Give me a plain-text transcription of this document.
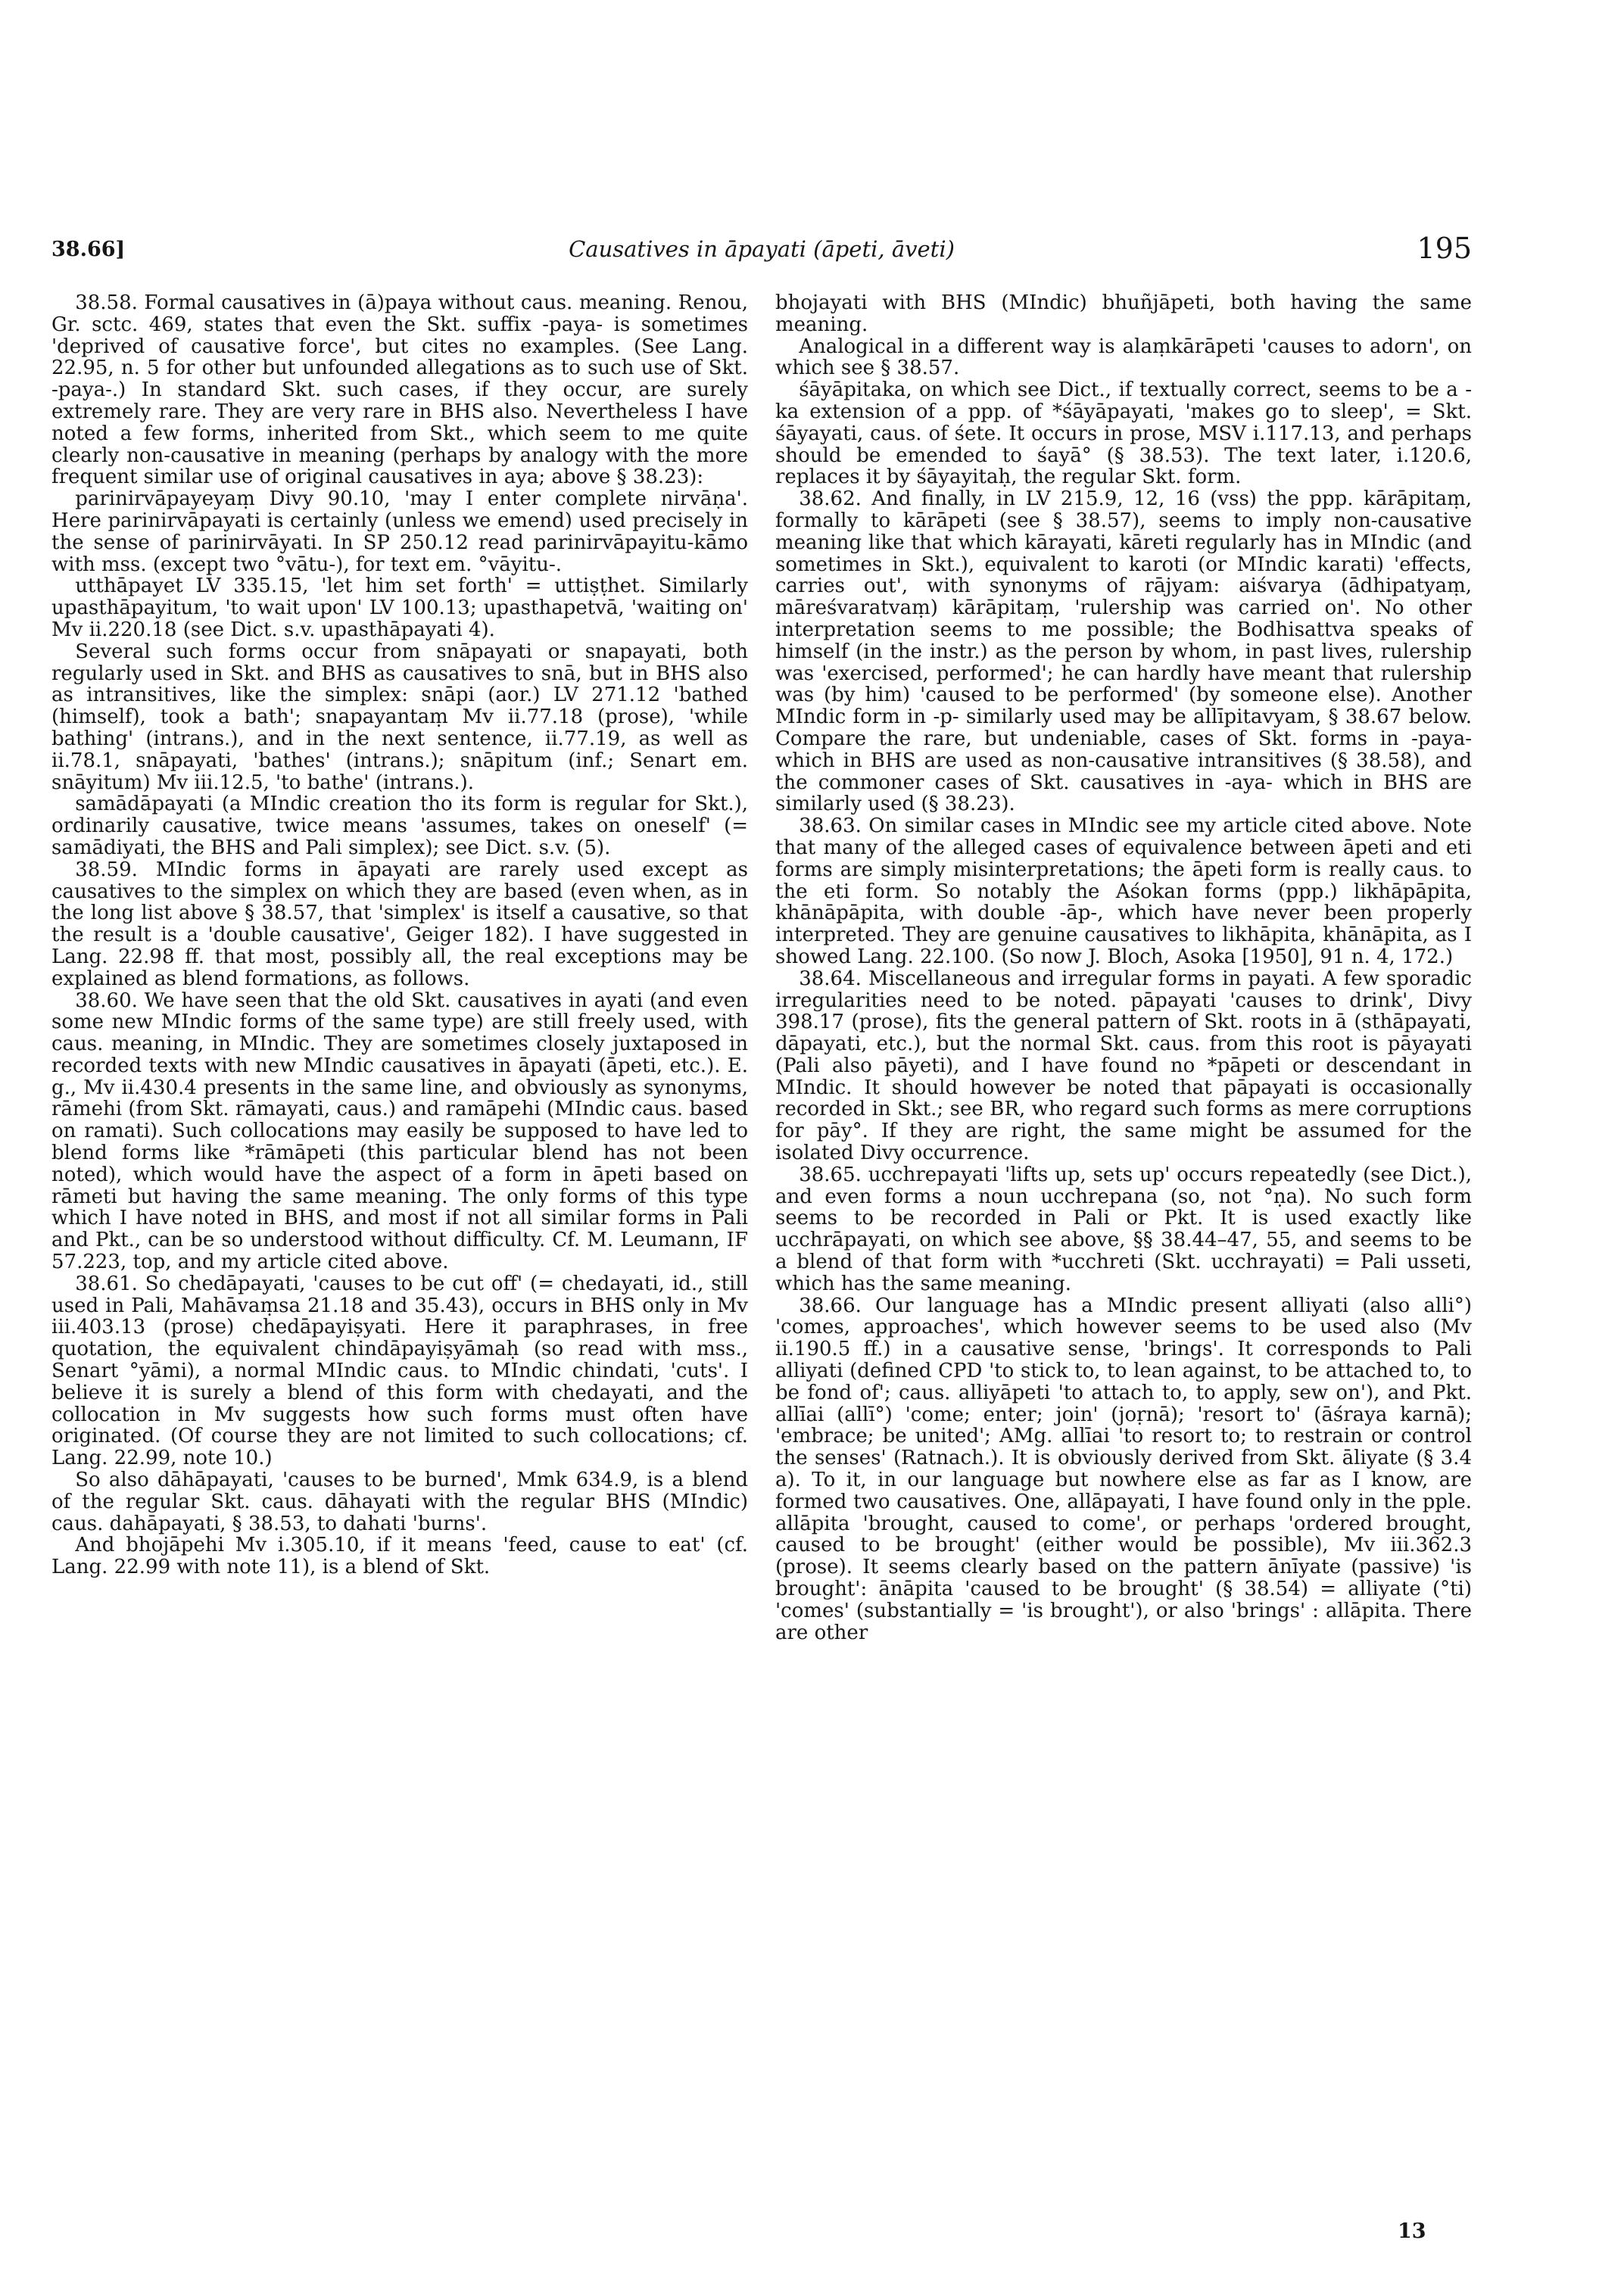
38.66]	Causatives in āpayati (āpeti, āveti)	195

38.58. Formal causatives in (ā)paya without caus. meaning. Renou, Gr. sctc. 469, states that even the Skt. suffix -paya- is sometimes 'deprived of causative force', but cites no examples. (See Lang. 22.95, n. 5 for other but unfounded allegations as to such use of Skt. -paya-.) In standard Skt. such cases, if they occur, are surely extremely rare. They are very rare in BHS also. Nevertheless I have noted a few forms, inherited from Skt., which seem to me quite clearly non-causative in meaning (perhaps by analogy with the more frequent similar use of original causatives in aya; above § 38.23):

parinirvāpayeyaṃ Divy 90.10, 'may I enter complete nirvāṇa'. Here parinirvāpayati is certainly (unless we emend) used precisely in the sense of parinirvāyati. In SP 250.12 read parinirvāpayitu-kāmo with mss. (except two °vātu-), for text em. °vāyitu-.

utthāpayet LV 335.15, 'let him set forth' = uttiṣṭhet. Similarly upasthāpayitum, 'to wait upon' LV 100.13; upasthapetvā, 'waiting on' Mv ii.220.18 (see Dict. s.v. upasthāpayati 4).

Several such forms occur from snāpayati or snapayati, both regularly used in Skt. and BHS as causatives to snā, but in BHS also as intransitives, like the simplex: snāpi (aor.) LV 271.12 'bathed (himself), took a bath'; snapayantaṃ Mv ii.77.18 (prose), 'while bathing' (intrans.), and in the next sentence, ii.77.19, as well as ii.78.1, snāpayati, 'bathes' (intrans.); snāpitum (inf.; Senart em. snāyitum) Mv iii.12.5, 'to bathe' (intrans.).

samādāpayati (a MIndic creation tho its form is regular for Skt.), ordinarily causative, twice means 'assumes, takes on oneself' (= samādiyati, the BHS and Pali simplex); see Dict. s.v. (5).

38.59. MIndic forms in āpayati are rarely used except as causatives to the simplex on which they are based (even when, as in the long list above § 38.57, that 'simplex' is itself a causative, so that the result is a 'double causative', Geiger 182). I have suggested in Lang. 22.98 ff. that most, possibly all, the real exceptions may be explained as blend formations, as follows.

38.60. We have seen that the old Skt. causatives in ayati (and even some new MIndic forms of the same type) are still freely used, with caus. meaning, in MIndic. They are sometimes closely juxtaposed in recorded texts with new MIndic causatives in āpayati (āpeti, etc.). E. g., Mv ii.430.4 presents in the same line, and obviously as synonyms, rāmehi (from Skt. rāmayati, caus.) and ramāpehi (MIndic caus. based on ramati). Such collocations may easily be supposed to have led to blend forms like *rāmāpeti (this particular blend has not been noted), which would have the aspect of a form in āpeti based on rāmeti but having the same meaning. The only forms of this type which I have noted in BHS, and most if not all similar forms in Pali and Pkt., can be so understood without difficulty. Cf. M. Leumann, IF 57.223, top, and my article cited above.

38.61. So chedāpayati, 'causes to be cut off' (= chedayati, id., still used in Pali, Mahāvaṃsa 21.18 and 35.43), occurs in BHS only in Mv iii.403.13 (prose) chedāpayiṣyati. Here it paraphrases, in free quotation, the equivalent chindāpayiṣyāmaḥ (so read with mss., Senart °yāmi), a normal MIndic caus. to MIndic chindati, 'cuts'. I believe it is surely a blend of this form with chedayati, and the collocation in Mv suggests how such forms must often have originated. (Of course they are not limited to such collocations; cf. Lang. 22.99, note 10.)

So also dāhāpayati, 'causes to be burned', Mmk 634.9, is a blend of the regular Skt. caus. dāhayati with the regular BHS (MIndic) caus. dahāpayati, § 38.53, to dahati 'burns'.

And bhojāpehi Mv i.305.10, if it means 'feed, cause to eat' (cf. Lang. 22.99 with note 11), is a blend of Skt.

bhojayati with BHS (MIndic) bhuñjāpeti, both having the same meaning.

Analogical in a different way is alaṃkārāpeti 'causes to adorn', on which see § 38.57.

śāyāpitaka, on which see Dict., if textually correct, seems to be a -ka extension of a ppp. of *śāyāpayati, 'makes go to sleep', = Skt. śāyayati, caus. of śete. It occurs in prose, MSV i.117.13, and perhaps should be emended to śayā° (§ 38.53). The text later, i.120.6, replaces it by śāyayitaḥ, the regular Skt. form.

38.62. And finally, in LV 215.9, 12, 16 (vss) the ppp. kārāpitaṃ, formally to kārāpeti (see § 38.57), seems to imply non-causative meaning like that which kārayati, kāreti regularly has in MIndic (and sometimes in Skt.), equivalent to karoti (or MIndic karati) 'effects, carries out', with synonyms of rājyam: aiśvarya (ādhipatyaṃ, māreśvaratvaṃ) kārāpitaṃ, 'rulership was carried on'. No other interpretation seems to me possible; the Bodhisattva speaks of himself (in the instr.) as the person by whom, in past lives, rulership was 'exercised, performed'; he can hardly have meant that rulership was (by him) 'caused to be performed' (by someone else). Another MIndic form in -p- similarly used may be allīpitavyam, § 38.67 below. Compare the rare, but undeniable, cases of Skt. forms in -paya- which in BHS are used as non-causative intransitives (§ 38.58), and the commoner cases of Skt. causatives in -aya- which in BHS are similarly used (§ 38.23).

38.63. On similar cases in MIndic see my article cited above. Note that many of the alleged cases of equivalence between āpeti and eti forms are simply misinterpretations; the āpeti form is really caus. to the eti form. So notably the Aśokan forms (ppp.) likhāpāpita, khānāpāpita, with double -āp-, which have never been properly interpreted. They are genuine causatives to likhāpita, khānāpita, as I showed Lang. 22.100. (So now J. Bloch, Asoka [1950], 91 n. 4, 172.)

38.64. Miscellaneous and irregular forms in payati. A few sporadic irregularities need to be noted. pāpayati 'causes to drink', Divy 398.17 (prose), fits the general pattern of Skt. roots in ā (sthāpayati, dāpayati, etc.), but the normal Skt. caus. from this root is pāyayati (Pali also pāyeti), and I have found no *pāpeti or descendant in MIndic. It should however be noted that pāpayati is occasionally recorded in Skt.; see BR, who regard such forms as mere corruptions for pāy°. If they are right, the same might be assumed for the isolated Divy occurrence.

38.65. ucchrepayati 'lifts up, sets up' occurs repeatedly (see Dict.), and even forms a noun ucchrepana (so, not °ṇa). No such form seems to be recorded in Pali or Pkt. It is used exactly like ucchrāpayati, on which see above, §§ 38.44–47, 55, and seems to be a blend of that form with *ucchreti (Skt. ucchrayati) = Pali usseti, which has the same meaning.

38.66. Our language has a MIndic present alliyati (also alli°) 'comes, approaches', which however seems to be used also (Mv ii.190.5 ff.) in a causative sense, 'brings'. It corresponds to Pali alliyati (defined CPD 'to stick to, to lean against, to be attached to, to be fond of'; caus. alliyāpeti 'to attach to, to apply, sew on'), and Pkt. allīai (allī°) 'come; enter; join' (joṛnā); 'resort to' (āśraya karnā); 'embrace; be united'; AMg. allīai 'to resort to; to restrain or control the senses' (Ratnach.). It is obviously derived from Skt. āliyate (§ 3.4 a). To it, in our language but nowhere else as far as I know, are formed two causatives. One, allāpayati, I have found only in the pple. allāpita 'brought, caused to come', or perhaps 'ordered brought, caused to be brought' (either would be possible), Mv iii.362.3 (prose). It seems clearly based on the pattern ānīyate (passive) 'is brought': ānāpita 'caused to be brought' (§ 38.54) = alliyate (°ti) 'comes' (substantially = 'is brought'), or also 'brings' : allāpita. There are other

13
